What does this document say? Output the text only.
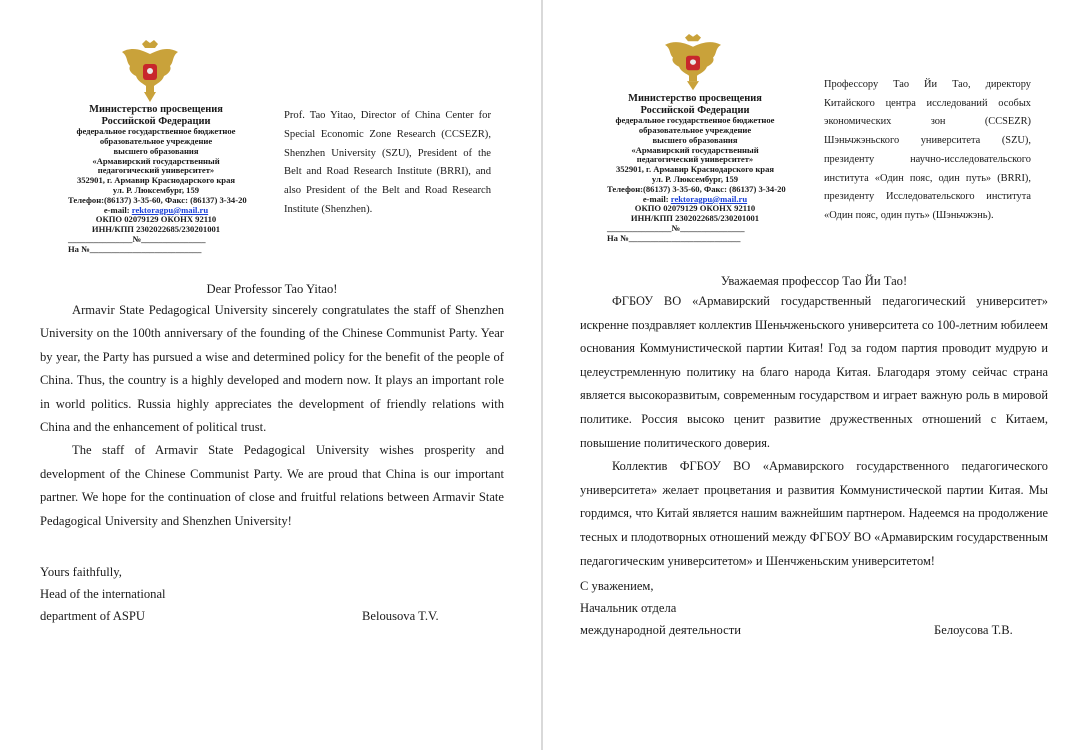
Министерство просвещения
Российской Федерации
федеральное государственное бюджетное
образовательное учреждение
высшего образования
«Армавирский государственный
педагогический университет»
352901, г. Армавир Краснодарского края
ул. Р. Люксембург, 159
Телефон:(86137) 3-35-60, Факс: (86137) 3-34-20
e-mail: rektoragpu@mail.ru
ОКПО 02079129 ОКОНХ 92110
ИНН/КПП 2302022685/230201001
_______________№_______________
На №__________________________
Prof. Tao Yitao, Director of China Center for Special Economic Zone Research (CCSEZR), Shenzhen University (SZU), President of the Belt and Road Research Institute (BRRI), and also President of the Belt and Road Research Institute (Shenzhen).
Dear Professor Tao Yitao!

Armavir State Pedagogical University sincerely congratulates the staff of Shenzhen University on the 100th anniversary of the founding of the Chinese Communist Party. Year by year, the Party has pursued a wise and determined policy for the benefit of the people of China. Thus, the country is a highly developed and modern now. It plays an important role in world politics. Russia highly appreciates the development of friendly relations with China and the enhancement of political trust.

The staff of Armavir State Pedagogical University wishes prosperity and development of the Chinese Communist Party. We are proud that China is our important partner. We hope for the continuation of close and fruitful relations between Armavir State Pedagogical University and Shenzhen University!

Yours faithfully,
Head of the international
department of ASPU	Belousova T.V.
Министерство просвещения
Российской Федерации
федеральное государственное бюджетное
образовательное учреждение
высшего образования
«Армавирский государственный
педагогический университет»
352901, г. Армавир Краснодарского края
ул. Р. Люксембург, 159
Телефон:(86137) 3-35-60, Факс: (86137) 3-34-20
e-mail: rektoragpu@mail.ru
ОКПО 02079129 ОКОНХ 92110
ИНН/КПП 2302022685/230201001
_______________№_______________
На №__________________________
Профессору Тао Йи Тао, директору Китайского центра исследований особых экономических зон (CCSEZR) Шэньчжэньского университета (SZU), президенту научно-исследовательского института «Один пояс, один путь» (BRRI), президенту Исследовательского института «Один пояс, один путь» (Шэньчжэнь).
Уважаемая профессор Тао Йи Тао!

ФГБОУ ВО «Армавирский государственный педагогический университет» искренне поздравляет коллектив Шеньчженьского университета со 100-летним юбилеем основания Коммунистической партии Китая! Год за годом партия проводит мудрую и целеустремленную политику на благо народа Китая. Благодаря этому сейчас страна является высокоразвитым, современным государством и играет важную роль в мировой политике. Россия высоко ценит развитие дружественных отношений с Китаем, повышение политического доверия.

Коллектив ФГБОУ ВО «Армавирского государственного педагогического университета» желает процветания и развития Коммунистической партии Китая. Мы гордимся, что Китай является нашим важнейшим партнером. Надеемся на продолжение тесных и плодотворных отношений между ФГБОУ ВО «Армавирским государственным педагогическим университетом» и Шенчженьским университетом!

С уважением,
Начальник отдела
международной деятельности	Белоусова Т.В.
